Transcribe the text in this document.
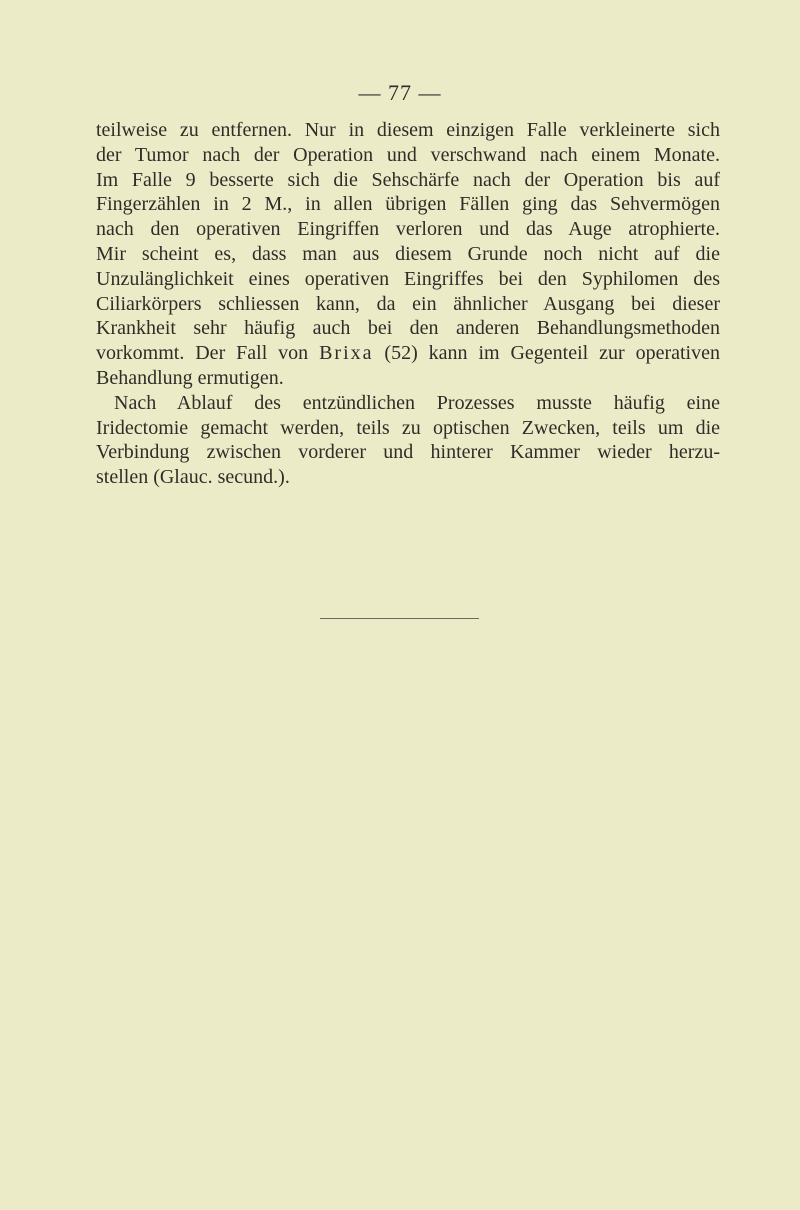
— 77 —
teilweise zu entfernen. Nur in diesem einzigen Falle verkleinerte sich
der Tumor nach der Operation und verschwand nach einem Monate.
Im Falle 9 besserte sich die Sehschärfe nach der Operation bis auf
Fingerzählen in 2 M., in allen übrigen Fällen ging das Sehvermögen
nach den operativen Eingriffen verloren und das Auge atrophierte.
Mir scheint es, dass man aus diesem Grunde noch nicht auf die
Unzulänglichkeit eines operativen Eingriffes bei den Syphilomen des
Ciliarkörpers schliessen kann, da ein ähnlicher Ausgang bei dieser
Krankheit sehr häufig auch bei den anderen Behandlungsmethoden
vorkommt. Der Fall von Brixa (52) kann im Gegenteil zur operativen
Behandlung ermutigen.
Nach Ablauf des entzündlichen Prozesses musste häufig eine
Iridectomie gemacht werden, teils zu optischen Zwecken, teils um die
Verbindung zwischen vorderer und hinterer Kammer wieder herzu-
stellen (Glauc. secund.).
